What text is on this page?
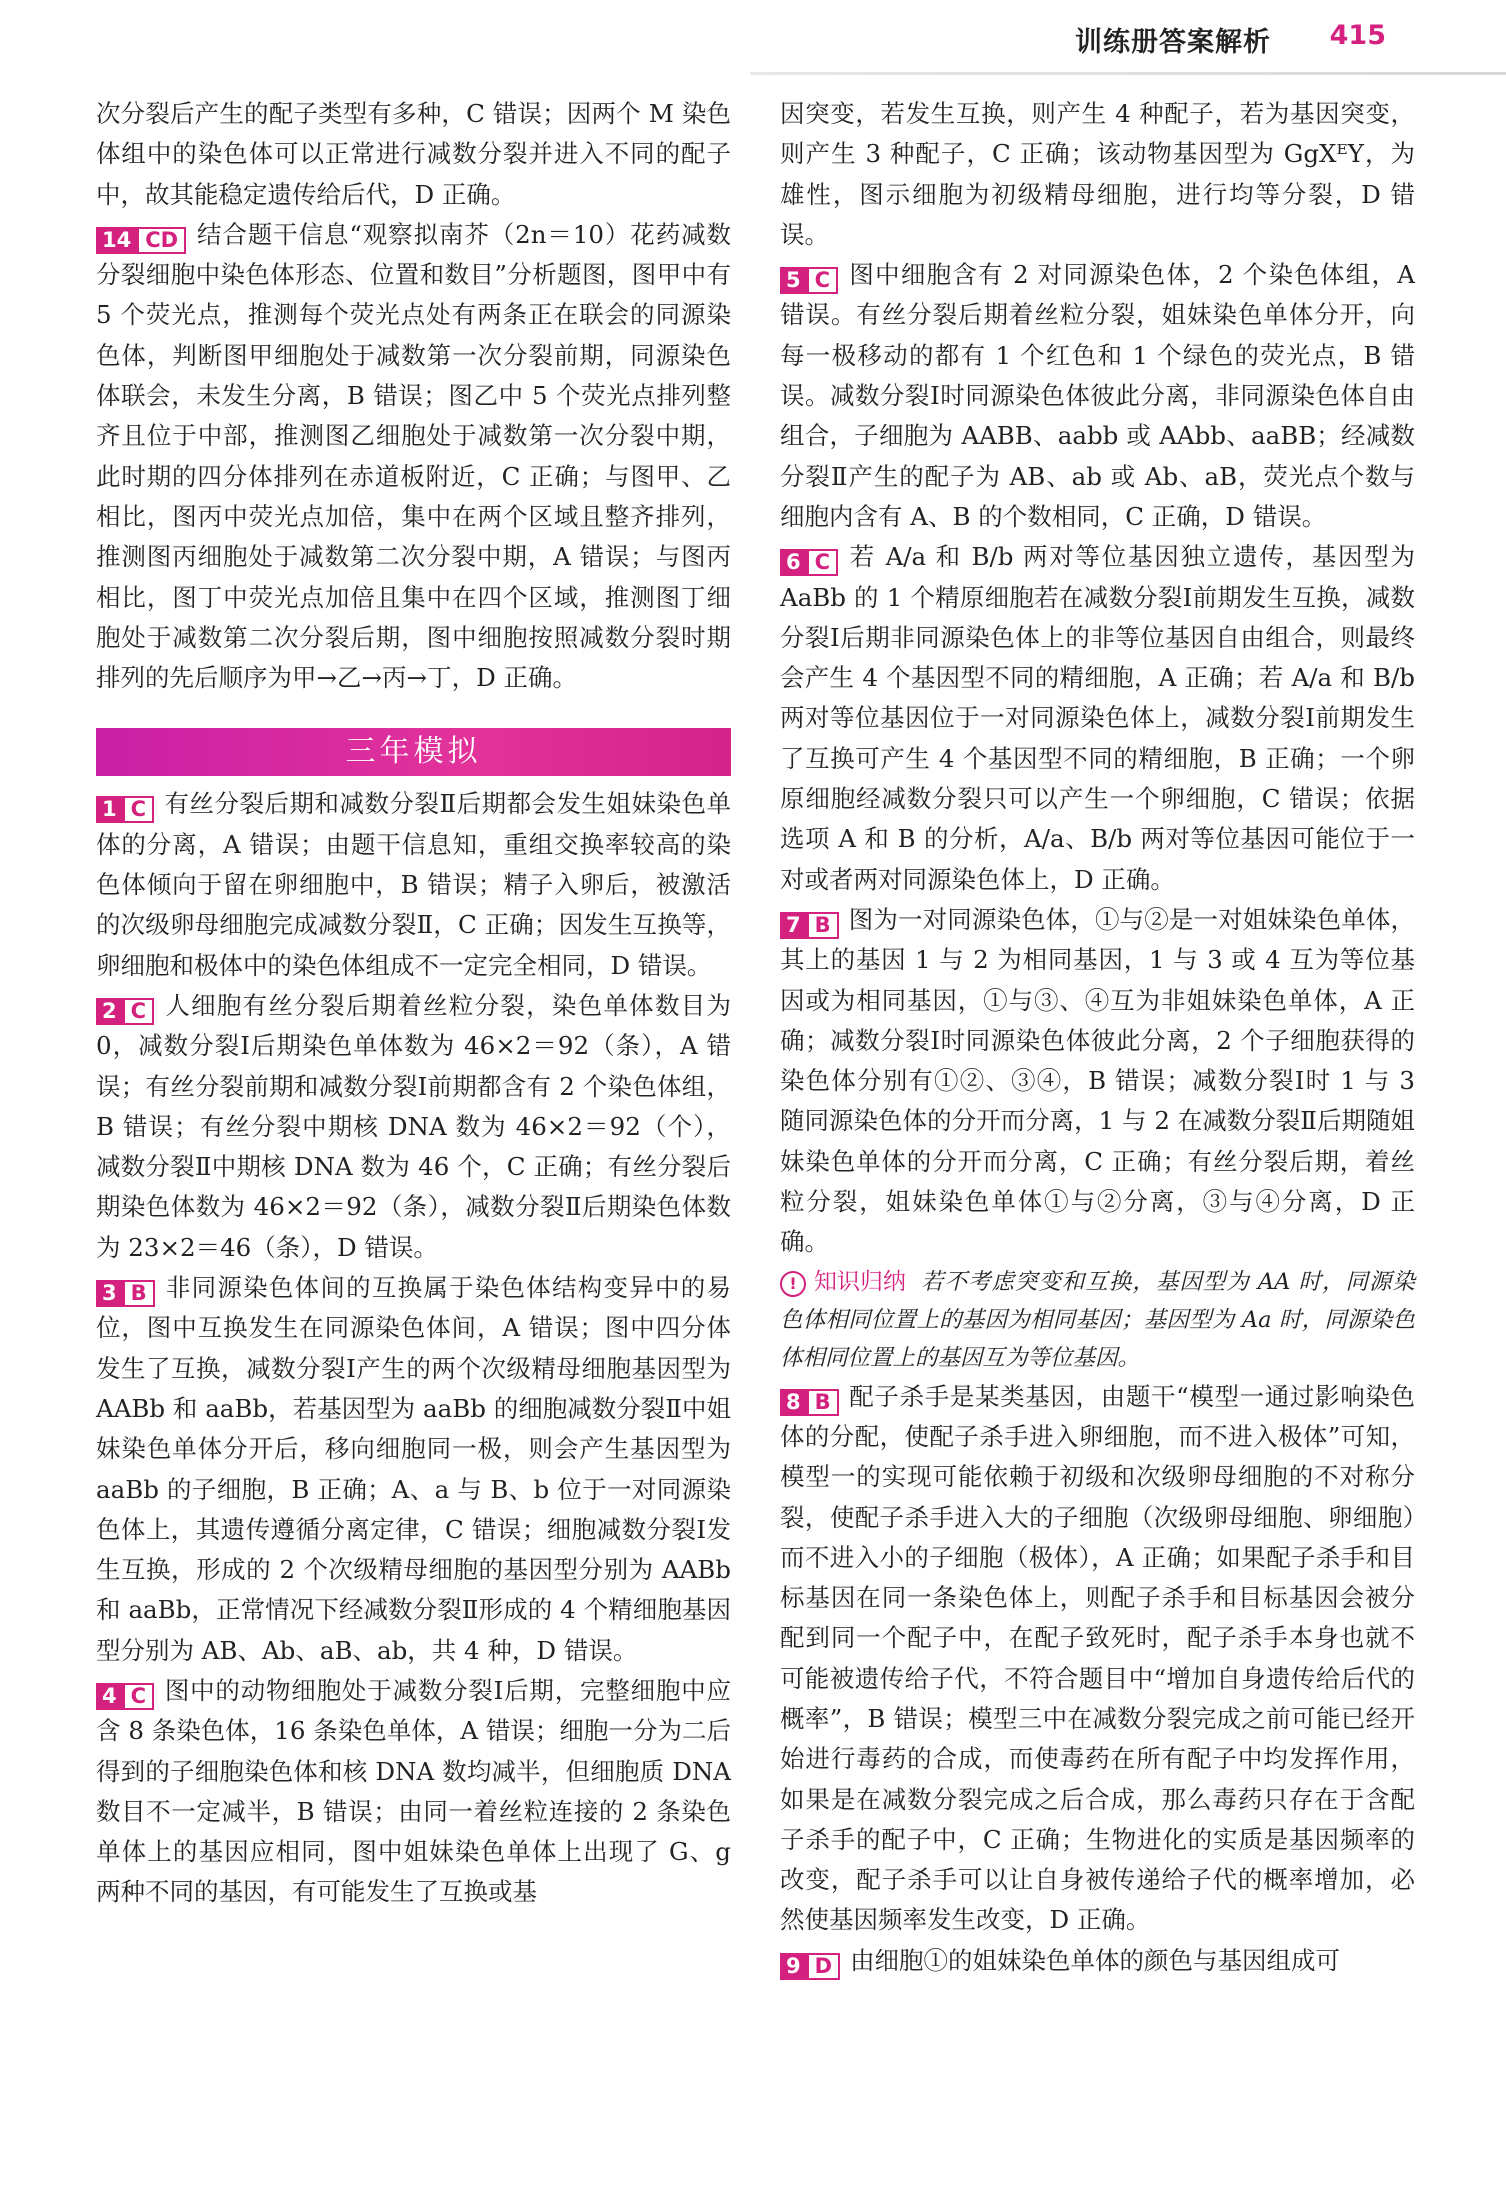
训练册答案解析 415

次分裂后产生的配子类型有多种，C 错误；因两个 M 染色体组中的染色体可以正常进行减数分裂并进入不同的配子中，故其能稳定遗传给后代，D 正确。

14 CD 结合题干信息“观察拟南芥（2n＝10）花药减数分裂细胞中染色体形态、位置和数目”分析题图，图甲中有 5 个荧光点，推测每个荧光点处有两条正在联会的同源染色体，判断图甲细胞处于减数第一次分裂前期，同源染色体联会，未发生分离，B 错误；图乙中 5 个荧光点排列整齐且位于中部，推测图乙细胞处于减数第一次分裂中期，此时期的四分体排列在赤道板附近，C 正确；与图甲、乙相比，图丙中荧光点加倍，集中在两个区域且整齐排列，推测图丙细胞处于减数第二次分裂中期，A 错误；与图丙相比，图丁中荧光点加倍且集中在四个区域，推测图丁细胞处于减数第二次分裂后期，图中细胞按照减数分裂时期排列的先后顺序为甲→乙→丙→丁，D 正确。

三年模拟

1 C 有丝分裂后期和减数分裂Ⅱ后期都会发生姐妹染色单体的分离，A 错误；由题干信息知，重组交换率较高的染色体倾向于留在卵细胞中，B 错误；精子入卵后，被激活的次级卵母细胞完成减数分裂Ⅱ，C 正确；因发生互换等，卵细胞和极体中的染色体组成不一定完全相同，D 错误。

2 C 人细胞有丝分裂后期着丝粒分裂，染色单体数目为 0，减数分裂Ⅰ后期染色单体数为 46×2＝92（条），A 错误；有丝分裂前期和减数分裂Ⅰ前期都含有 2 个染色体组，B 错误；有丝分裂中期核 DNA 数为 46×2＝92（个），减数分裂Ⅱ中期核 DNA 数为 46 个，C 正确；有丝分裂后期染色体数为 46×2＝92（条），减数分裂Ⅱ后期染色体数为 23×2＝46（条），D 错误。

3 B 非同源染色体间的互换属于染色体结构变异中的易位，图中互换发生在同源染色体间，A 错误；图中四分体发生了互换，减数分裂Ⅰ产生的两个次级精母细胞基因型为 AABb 和 aaBb，若基因型为 aaBb 的细胞减数分裂Ⅱ中姐妹染色单体分开后，移向细胞同一极，则会产生基因型为 aaBb 的子细胞，B 正确；A、a 与 B、b 位于一对同源染色体上，其遗传遵循分离定律，C 错误；细胞减数分裂Ⅰ发生互换，形成的 2 个次级精母细胞的基因型分别为 AABb 和 aaBb，正常情况下经减数分裂Ⅱ形成的 4 个精细胞基因型分别为 AB、Ab、aB、ab，共 4 种，D 错误。

4 C 图中的动物细胞处于减数分裂Ⅰ后期，完整细胞中应含 8 条染色体，16 条染色单体，A 错误；细胞一分为二后得到的子细胞染色体和核 DNA 数均减半，但细胞质 DNA 数目不一定减半，B 错误；由同一着丝粒连接的 2 条染色单体上的基因应相同，图中姐妹染色单体上出现了 G、g 两种不同的基因，有可能发生了互换或基

因突变，若发生互换，则产生 4 种配子，若为基因突变，则产生 3 种配子，C 正确；该动物基因型为 GgXᴱY，为雄性，图示细胞为初级精母细胞，进行均等分裂，D 错误。

5 C 图中细胞含有 2 对同源染色体，2 个染色体组，A 错误。有丝分裂后期着丝粒分裂，姐妹染色单体分开，向每一极移动的都有 1 个红色和 1 个绿色的荧光点，B 错误。减数分裂Ⅰ时同源染色体彼此分离，非同源染色体自由组合，子细胞为 AABB、aabb 或 AAbb、aaBB；经减数分裂Ⅱ产生的配子为 AB、ab 或 Ab、aB，荧光点个数与细胞内含有 A、B 的个数相同，C 正确，D 错误。

6 C 若 A/a 和 B/b 两对等位基因独立遗传，基因型为 AaBb 的 1 个精原细胞若在减数分裂Ⅰ前期发生互换，减数分裂Ⅰ后期非同源染色体上的非等位基因自由组合，则最终会产生 4 个基因型不同的精细胞，A 正确；若 A/a 和 B/b 两对等位基因位于一对同源染色体上，减数分裂Ⅰ前期发生了互换可产生 4 个基因型不同的精细胞，B 正确；一个卵原细胞经减数分裂只可以产生一个卵细胞，C 错误；依据选项 A 和 B 的分析，A/a、B/b 两对等位基因可能位于一对或者两对同源染色体上，D 正确。

7 B 图为一对同源染色体，①与②是一对姐妹染色单体，其上的基因 1 与 2 为相同基因，1 与 3 或 4 互为等位基因或为相同基因，①与③、④互为非姐妹染色单体，A 正确；减数分裂Ⅰ时同源染色体彼此分离，2 个子细胞获得的染色体分别有①②、③④，B 错误；减数分裂Ⅰ时 1 与 3 随同源染色体的分开而分离，1 与 2 在减数分裂Ⅱ后期随姐妹染色单体的分开而分离，C 正确；有丝分裂后期，着丝粒分裂，姐妹染色单体①与②分离，③与④分离，D 正确。

! 知识归纳 若不考虑突变和互换，基因型为 AA 时，同源染色体相同位置上的基因为相同基因；基因型为 Aa 时，同源染色体相同位置上的基因互为等位基因。

8 B 配子杀手是某类基因，由题干“模型一通过影响染色体的分配，使配子杀手进入卵细胞，而不进入极体”可知，模型一的实现可能依赖于初级和次级卵母细胞的不对称分裂，使配子杀手进入大的子细胞（次级卵母细胞、卵细胞）而不进入小的子细胞（极体），A 正确；如果配子杀手和目标基因在同一条染色体上，则配子杀手和目标基因会被分配到同一个配子中，在配子致死时，配子杀手本身也就不可能被遗传给子代，不符合题目中“增加自身遗传给后代的概率”，B 错误；模型三中在减数分裂完成之前可能已经开始进行毒药的合成，而使毒药在所有配子中均发挥作用，如果是在减数分裂完成之后合成，那么毒药只存在于含配子杀手的配子中，C 正确；生物进化的实质是基因频率的改变，配子杀手可以让自身被传递给子代的概率增加，必然使基因频率发生改变，D 正确。

9 D 由细胞①的姐妹染色单体的颜色与基因组成可
